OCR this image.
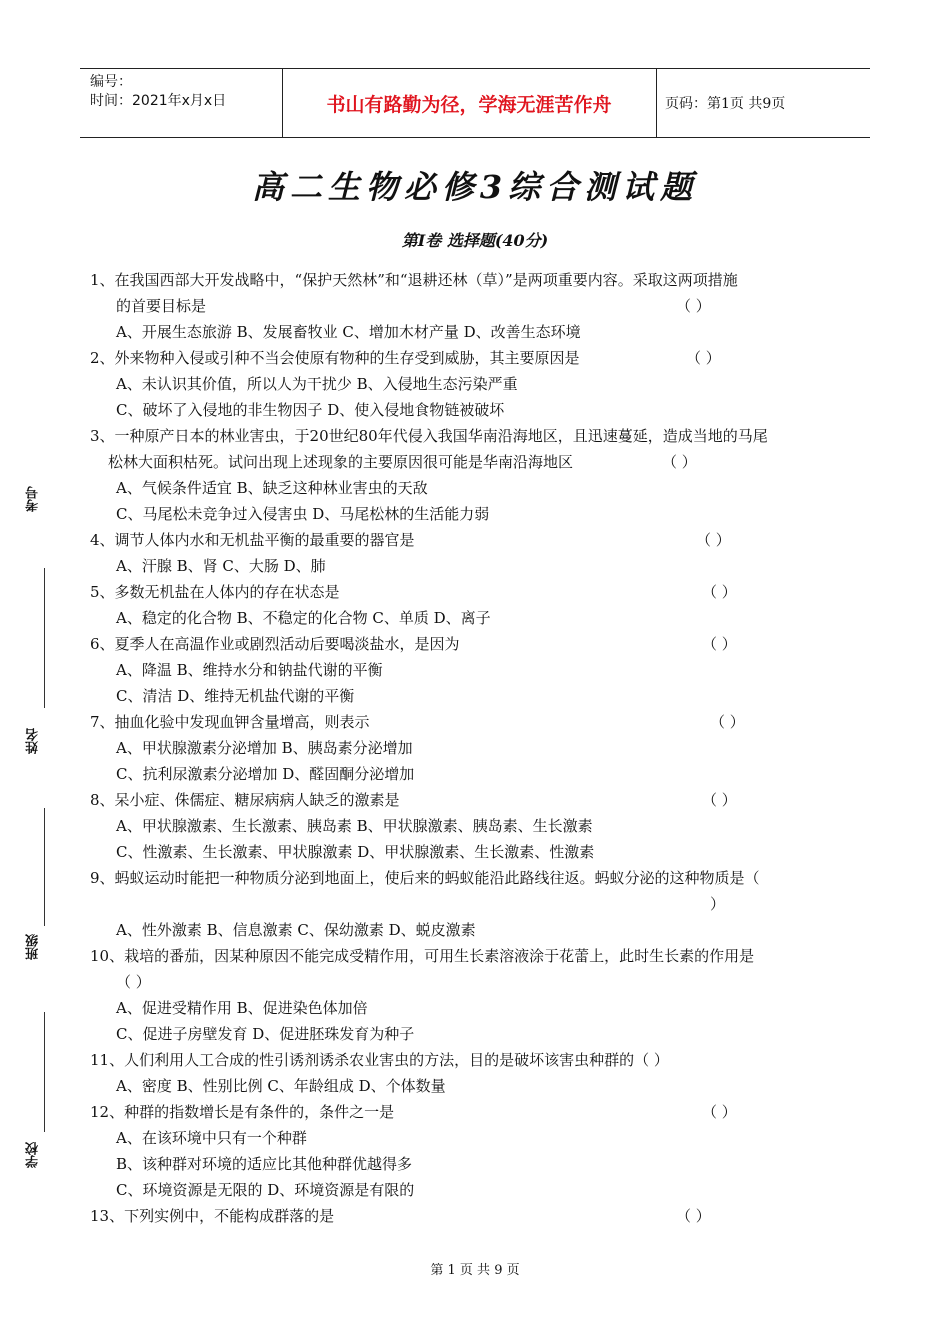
编号：
时间：2021年x月x日	书山有路勤为径，学海无涯苦作舟	页码：第1页 共9页
高二生物必修3综合测试题
第Ⅰ卷 选择题(40分)
考号
姓名
班级
学校
1、在我国西部大开发战略中，“保护天然林”和“退耕还林（草）”是两项重要内容。采取这两项措施
的首要目标是	（ ）
A、开展生态旅游 B、发展畜牧业 C、增加木材产量 D、改善生态环境
2、外来物种入侵或引种不当会使原有物种的生存受到威胁，其主要原因是	（ ）
A、未认识其价值，所以人为干扰少 B、入侵地生态污染严重
C、破坏了入侵地的非生物因子 D、使入侵地食物链被破坏
3、一种原产日本的林业害虫，于20世纪80年代侵入我国华南沿海地区，且迅速蔓延，造成当地的马尾
松林大面积枯死。试问出现上述现象的主要原因很可能是华南沿海地区	（ ）
A、气候条件适宜 B、缺乏这种林业害虫的天敌
C、马尾松未竞争过入侵害虫 D、马尾松林的生活能力弱
4、调节人体内水和无机盐平衡的最重要的器官是	（ ）
A、汗腺 B、肾 C、大肠 D、肺
5、多数无机盐在人体内的存在状态是	（ ）
A、稳定的化合物 B、不稳定的化合物 C、单质 D、离子
6、夏季人在高温作业或剧烈活动后要喝淡盐水，是因为	（ ）
A、降温 B、维持水分和钠盐代谢的平衡
C、清洁 D、维持无机盐代谢的平衡
7、抽血化验中发现血钾含量增高，则表示	（ ）
A、甲状腺激素分泌增加 B、胰岛素分泌增加
C、抗利尿激素分泌增加 D、醛固酮分泌增加
8、呆小症、侏儒症、糖尿病病人缺乏的激素是	（ ）
A、甲状腺激素、生长激素、胰岛素 B、甲状腺激素、胰岛素、生长激素
C、性激素、生长激素、甲状腺激素 D、甲状腺激素、生长激素、性激素
9、蚂蚁运动时能把一种物质分泌到地面上，使后来的蚂蚁能沿此路线往返。蚂蚁分泌的这种物质是（
）
A、性外激素 B、信息激素 C、保幼激素 D、蜕皮激素
10、栽培的番茄，因某种原因不能完成受精作用，可用生长素溶液涂于花蕾上，此时生长素的作用是
（ ）
A、促进受精作用 B、促进染色体加倍
C、促进子房壁发育 D、促进胚珠发育为种子
11、人们利用人工合成的性引诱剂诱杀农业害虫的方法，目的是破坏该害虫种群的（ ）
A、密度 B、性别比例 C、年龄组成 D、个体数量
12、种群的指数增长是有条件的，条件之一是	（ ）
A、在该环境中只有一个种群
B、该种群对环境的适应比其他种群优越得多
C、环境资源是无限的 D、环境资源是有限的
13、下列实例中，不能构成群落的是	（ ）
第 1 页 共 9 页
